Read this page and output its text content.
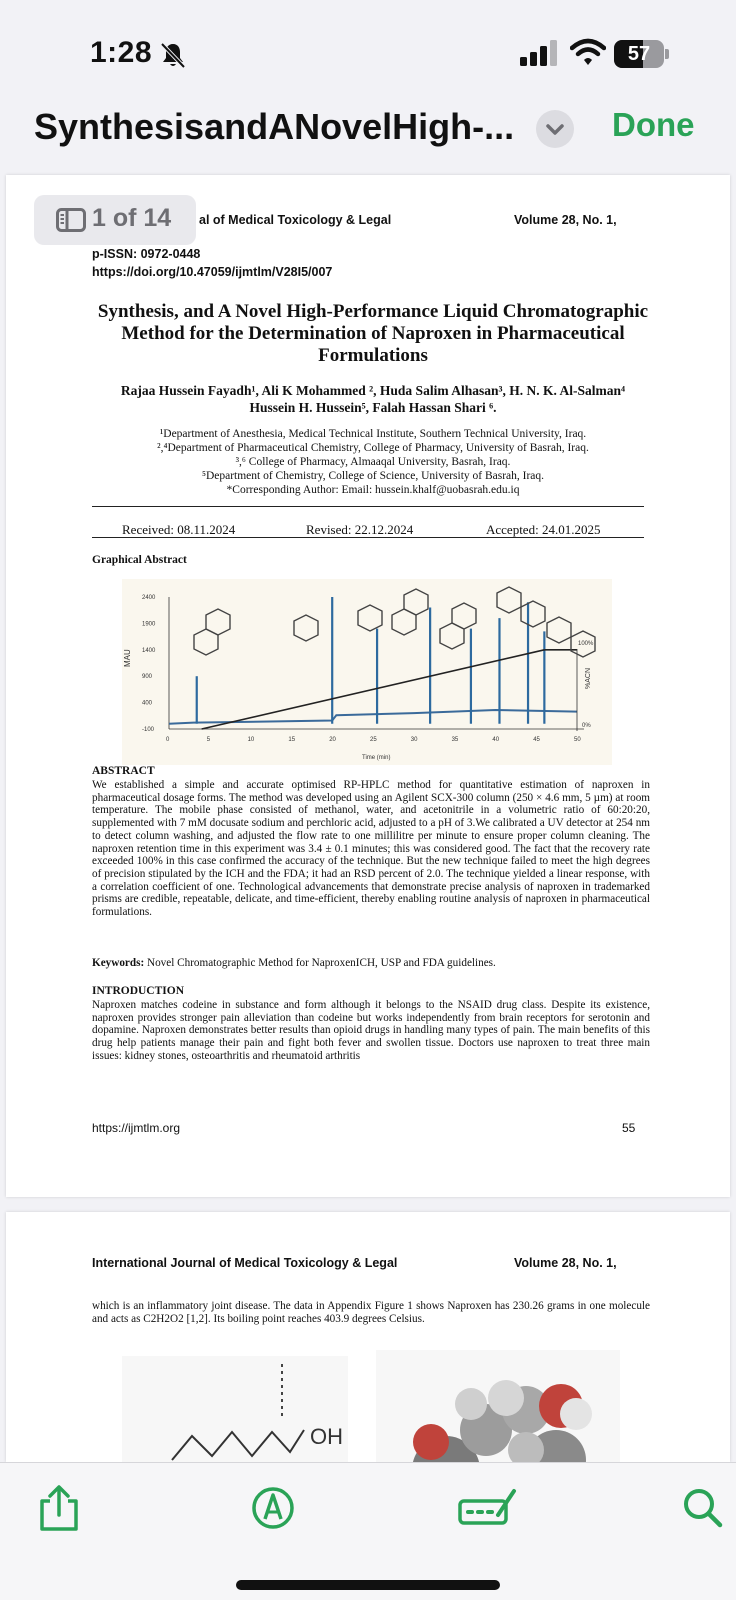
1:28	57
SynthesisandANovelHigh-...	Done
al of Medical Toxicology & Legal	Volume 28, No. 1,
p-ISSN: 0972-0448
https://doi.org/10.47059/ijmtlm/V28I5/007
1 of 14
Synthesis, and A Novel High-Performance Liquid Chromatographic Method for the Determination of Naproxen in Pharmaceutical Formulations
Rajaa Hussein Fayadh¹, Ali K Mohammed ², Huda Salim Alhasan³, H. N. K. Al-Salman⁴
Hussein H. Hussein⁵, Falah Hassan Shari ⁶.
¹Department of Anesthesia, Medical Technical Institute, Southern Technical University, Iraq.
²,⁴Department of Pharmaceutical Chemistry, College of Pharmacy, University of Basrah, Iraq.
³,⁶ College of Pharmacy, Almaaqal University, Basrah, Iraq.
⁵Department of Chemistry, College of Science, University of Basrah, Iraq.
*Corresponding Author: Email: hussein.khalf@uobasrah.edu.iq
Received: 08.11.2024	Revised: 22.12.2024	Accepted: 24.01.2025
Graphical Abstract
MAU
2400
1900
1400
900
400
-100
0	5	10	15	20	25	30	35	40	45	50
100%
0%
%ACN
Time (min)
ABSTRACT
We established a simple and accurate optimised RP-HPLC method for quantitative estimation of naproxen in pharmaceutical dosage forms. The method was developed using an Agilent SCX-300 column (250 × 4.6 mm, 5 µm) at room temperature. The mobile phase consisted of methanol, water, and acetonitrile in a volumetric ratio of 60:20:20, supplemented with 7 mM docusate sodium and perchloric acid, adjusted to a pH of 3.We calibrated a UV detector at 254 nm to detect column washing, and adjusted the flow rate to one millilitre per minute to ensure proper column cleaning. The naproxen retention time in this experiment was 3.4 ± 0.1 minutes; this was considered good. The fact that the recovery rate exceeded 100% in this case confirmed the accuracy of the technique. But the new technique failed to meet the high degrees of precision stipulated by the ICH and the FDA; it had an RSD percent of 2.0. The technique yielded a linear response, with a correlation coefficient of one. Technological advancements that demonstrate precise analysis of naproxen in trademarked prisms are credible, repeatable, delicate, and time-efficient, thereby enabling routine analysis of naproxen in pharmaceutical formulations.
Keywords: Novel Chromatographic Method for NaproxenICH, USP and FDA guidelines.
INTRODUCTION
Naproxen matches codeine in substance and form although it belongs to the NSAID drug class. Despite its existence, naproxen provides stronger pain alleviation than codeine but works independently from brain receptors for serotonin and dopamine. Naproxen demonstrates better results than opioid drugs in handling many types of pain. The main benefits of this drug help patients manage their pain and fight both fever and swollen tissue. Doctors use naproxen to treat three main issues: kidney stones, osteoarthritis and rheumatoid arthritis
https://ijmtlm.org	55
International Journal of Medical Toxicology & Legal	Volume 28, No. 1,
which is an inflammatory joint disease. The data in Appendix Figure 1 shows Naproxen has 230.26 grams in one molecule and acts as C2H2O2 [1,2]. Its boiling point reaches 403.9 degrees Celsius.
OH
